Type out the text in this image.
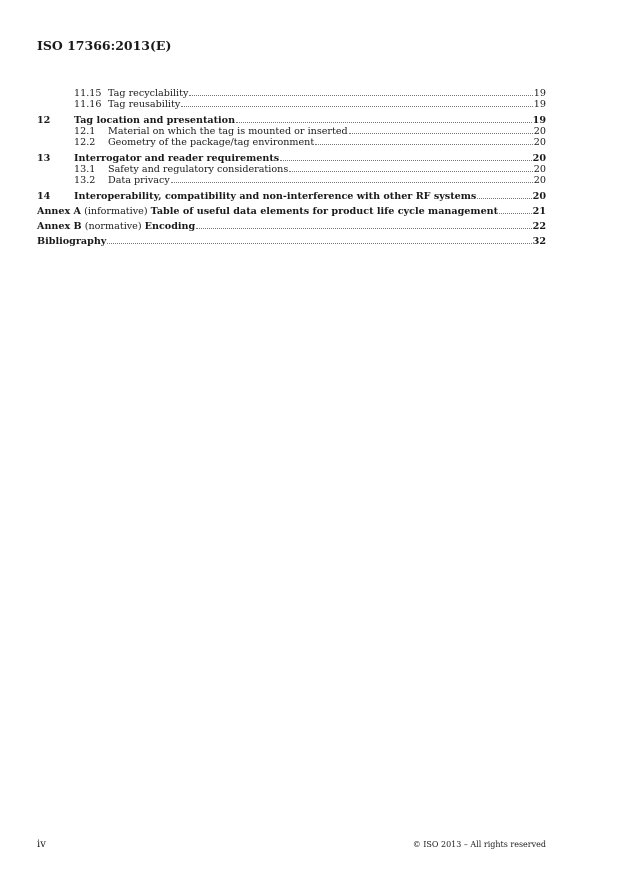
ISO 17366:2013(E)
11.15 Tag recyclability	19
11.16 Tag reusability	19
12	Tag location and presentation	19
12.1	Material on which the tag is mounted or inserted	20
12.2	Geometry of the package/tag environment	20
13	Interrogator and reader requirements	20
13.1	Safety and regulatory considerations	20
13.2	Data privacy	20
14	Interoperability, compatibility and non-interference with other RF systems	20
Annex A (informative) Table of useful data elements for product life cycle management	21
Annex B (normative) Encoding	22
Bibliography	32
iv	© ISO 2013 – All rights reserved
